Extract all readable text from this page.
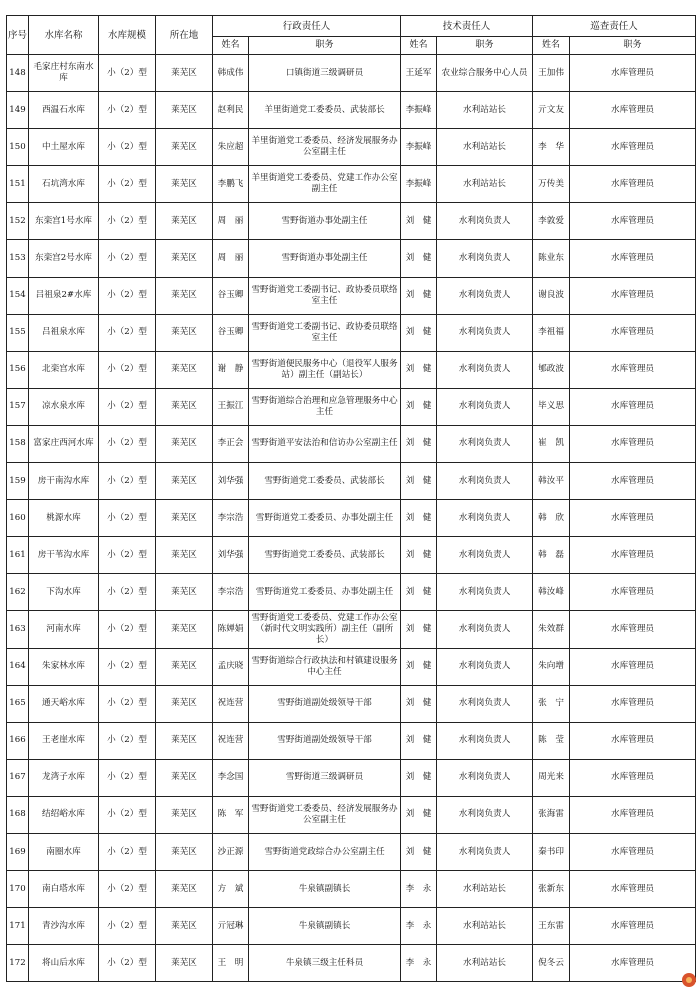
序号	水库名称	水库规模	所在地	行政责任人		技术责任人		巡查责任人	
				姓名	职务	姓名	职务	姓名	职务
148	毛家庄村东南水库	小（2）型	莱芜区	韩成伟	口镇街道三级调研员	王延军	农业综合服务中心人员	王加伟	水库管理员
149	西温石水库	小（2）型	莱芜区	赵利民	羊里街道党工委委员、武装部长	李振峰	水利站站长	亓文友	水库管理员
150	中土屋水库	小（2）型	莱芜区	朱应超	羊里街道党工委委员、经济发展服务办公室副主任	李振峰	水利站站长	李　华	水库管理员
151	石坑湾水库	小（2）型	莱芜区	李鹏飞	羊里街道党工委委员、党建工作办公室副主任	李振峰	水利站站长	万传美	水库管理员
152	东栾宫1号水库	小（2）型	莱芜区	周　丽	雪野街道办事处副主任	刘　健	水利岗负责人	李敦爱	水库管理员
153	东栾宫2号水库	小（2）型	莱芜区	周　丽	雪野街道办事处副主任	刘　健	水利岗负责人	陈业东	水库管理员
154	吕祖泉2#水库	小（2）型	莱芜区	谷玉卿	雪野街道党工委副书记、政协委员联络室主任	刘　健	水利岗负责人	谢良波	水库管理员
155	吕祖泉水库	小（2）型	莱芜区	谷玉卿	雪野街道党工委副书记、政协委员联络室主任	刘　健	水利岗负责人	李祖福	水库管理员
156	北栾宫水库	小（2）型	莱芜区	谢　静	雪野街道便民服务中心（退役军人服务站）副主任（副站长）	刘　健	水利岗负责人	郇政波	水库管理员
157	凉水泉水库	小（2）型	莱芜区	王振江	雪野街道综合治理和应急管理服务中心主任	刘　健	水利岗负责人	毕义思	水库管理员
158	富家庄西河水库	小（2）型	莱芜区	李正会	雪野街道平安法治和信访办公室副主任	刘　健	水利岗负责人	崔　凯	水库管理员
159	房干南沟水库	小（2）型	莱芜区	刘华强	雪野街道党工委委员、武装部长	刘　健	水利岗负责人	韩汝平	水库管理员
160	桃源水库	小（2）型	莱芜区	李宗浩	雪野街道党工委委员、办事处副主任	刘　健	水利岗负责人	韩　欣	水库管理员
161	房干苇沟水库	小（2）型	莱芜区	刘华强	雪野街道党工委委员、武装部长	刘　健	水利岗负责人	韩　磊	水库管理员
162	下沟水库	小（2）型	莱芜区	李宗浩	雪野街道党工委委员、办事处副主任	刘　健	水利岗负责人	韩汝峰	水库管理员
163	河南水库	小（2）型	莱芜区	陈婵娟	雪野街道党工委委员、党建工作办公室（新时代文明实践所）副主任（副所长）	刘　健	水利岗负责人	朱效群	水库管理员
164	朱家林水库	小（2）型	莱芜区	孟庆晓	雪野街道综合行政执法和村镇建设服务中心主任	刘　健	水利岗负责人	朱向增	水库管理员
165	通天峪水库	小（2）型	莱芜区	祝连营	雪野街道副处级领导干部	刘　健	水利岗负责人	张　宁	水库管理员
166	王老崖水库	小（2）型	莱芜区	祝连营	雪野街道副处级领导干部	刘　健	水利岗负责人	陈　莹	水库管理员
167	龙湾子水库	小（2）型	莱芜区	李念国	雪野街道三级调研员	刘　健	水利岗负责人	周光来	水库管理员
168	结绍峪水库	小（2）型	莱芜区	陈　军	雪野街道党工委委员、经济发展服务办公室副主任	刘　健	水利岗负责人	张海雷	水库管理员
169	南圈水库	小（2）型	莱芜区	沙正源	雪野街道党政综合办公室副主任	刘　健	水利岗负责人	秦书印	水库管理员
170	南白塔水库	小（2）型	莱芜区	方　斌	牛泉镇副镇长	李　永	水利站站长	张新东	水库管理员
171	青沙沟水库	小（2）型	莱芜区	亓冠琳	牛泉镇副镇长	李　永	水利站站长	王东雷	水库管理员
172	将山后水库	小（2）型	莱芜区	王　明	牛泉镇三级主任科员	李　永	水利站站长	倪冬云	水库管理员
